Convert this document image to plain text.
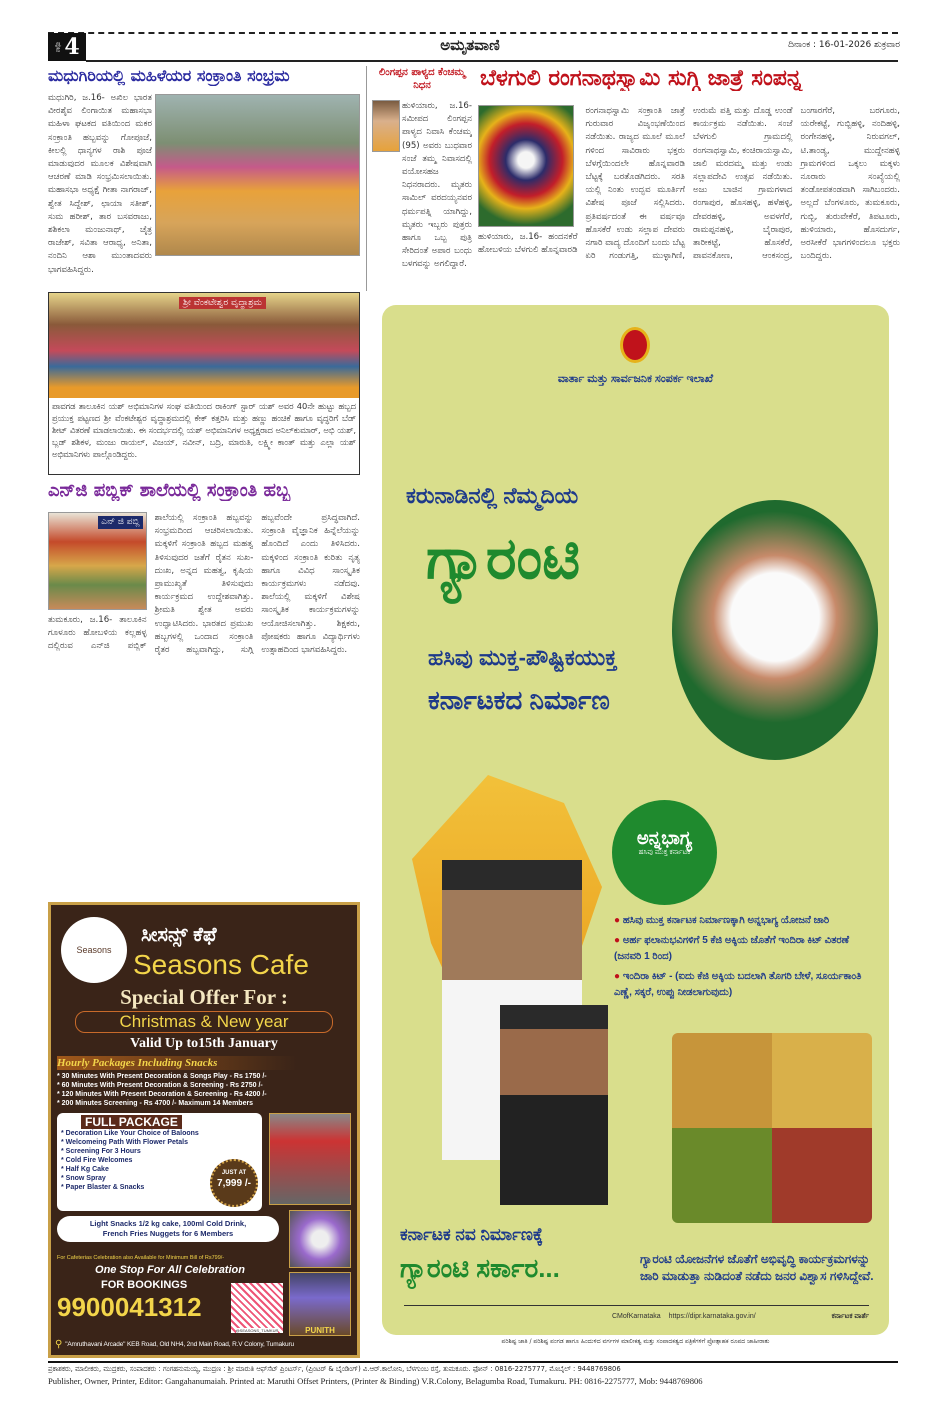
ಪುಟ 4	ಅಮೃತವಾಣಿ	ದಿನಾಂಕ : 16-01-2026 ಶುಕ್ರವಾರ
ಮಧುಗಿರಿಯಲ್ಲಿ ಮಹಿಳೆಯರ ಸಂಕ್ರಾಂತಿ ಸಂಭ್ರಮ
ಮಧುಗಿರಿ, ಜ.16- ಅಖಿಲ ಭಾರತ ವೀರಶೈವ ಲಿಂಗಾಯಿತ ಮಹಾಸಭಾ ಮಹಿಳಾ ಘಟಕದ ವತಿಯಿಂದ ಮಕರ ಸಂಕ್ರಾಂತಿ ಹಬ್ಬವನ್ನು ಗೋಪೂಜೆ, ಕೀಲಲ್ಲಿ ಧಾನ್ಯಗಳ ರಾಶಿ ಪೂಜೆ ಮಾಡುವುದರ ಮೂಲಕ ವಿಶೇಷವಾಗಿ ಆಚರಣೆ ಮಾಡಿ ಸಂಭ್ರಮಿಸಲಾಯಿತು. ಮಹಾಸಭಾ ಅಧ್ಯಕ್ಷೆ ಗೀತಾ ನಾಗರಾಜ್, ಶ್ವೇತ ಸಿದ್ದೇಶ್, ಛಾಯಾ ಸತೀಶ್, ಸುಮ ಹರೀಶ್, ತಾರ ಬಸವರಾಜು, ಶಶಿಕಲಾ ಮಂಜುನಾಥ್, ಚೈತ್ರ ರಾಜೇಶ್, ಸವಿತಾ ಆರಾಧ್ಯ, ಅನಿತಾ, ನಂದಿನಿ ಆಶಾ ಮುಂತಾದವರು ಭಾಗವಹಿಸಿದ್ದರು.
ಲಿಂಗಪ್ಪನ ಪಾಳ್ಯದ ಕೆಂಚಮ್ಮ ನಿಧನ
ಹುಳಿಯಾರು, ಜ.16- ಸಮೀಪದ ಲಿಂಗಪ್ಪನ ಪಾಳ್ಯದ ನಿವಾಸಿ ಕೆಂಚಮ್ಮ (95) ಅವರು ಬುಧವಾರ ಸಂಜೆ ತಮ್ಮ ನಿವಾಸದಲ್ಲಿ ವಯೋಸಹಜ ನಿಧನರಾದರು. ಮೃತರು ಸಾಮಿಲ್ ವರದಯ್ಯನವರ ಧರ್ಮಪತ್ನಿ ಯಾಗಿದ್ದು, ಮೃತರು ಇಬ್ಬರು ಪುತ್ರರು ಹಾಗೂ ಒಬ್ಬ ಪುತ್ರಿ ಸೇರಿದಂತೆ ಅಪಾರ ಬಂಧು ಬಳಗವನ್ನು ಅಗಲಿದ್ದಾರೆ.
ಬೆಳಗುಲಿ ರಂಗನಾಥಸ್ವಾಮಿ ಸುಗ್ಗಿ ಜಾತ್ರೆ ಸಂಪನ್ನ
ಹುಳಿಯಾರು, ಜ.16- ಹಂದನಕೆರೆ ಹೋಬಳಿಯ ಬೆಳಗುಲಿ ಹೊನ್ನವಾರಡಿ ರಂಗನಾಥಸ್ವಾಮಿ ಸಂಕ್ರಾಂತಿ ಜಾತ್ರೆ ಗುರುವಾರ ವಿಜೃಂಭಣೆಯಿಂದ ನಡೆಯಿತು. ರಾಜ್ಯದ ಮೂಲೆ ಮೂಲೆ ಗಳಿಂದ ಸಾವಿರಾರು ಭಕ್ತರು ಬೆಳಗ್ಗೆಯಿಂದಲೇ ಹೊನ್ನವಾರಡಿ ಬೆಟ್ಟಕ್ಕೆ ಬರತೊಡಗಿದರು. ಸರತಿ ಯಲ್ಲಿ ನಿಂತು ಉದ್ಭವ ಮೂರ್ತಿಗೆ ವಿಶೇಷ ಪೂಜೆ ಸಲ್ಲಿಸಿದರು. ಪ್ರತಿವರ್ಷದಂತೆ ಈ ವರ್ಷವೂ ಹೊಸಕೆರೆ ಉಡು ಸಲ್ಲಾಪ ದೇವರು ನಗಾರಿ ವಾದ್ಯ ದೊಂದಿಗೆ ಬಂದು ಬೆಟ್ಟ ಏರಿ ಗಂಡುಗತ್ತಿ, ಮುಳ್ಳಾಗಿಣಿ, ಉರುಮೆ ಪತ್ತಿ ಮತ್ತು ದೊಡ್ಡ ಉಂಡೆ ಕಾರ್ಯಕ್ರಮ ನಡೆಯಿತು. ಸಂಜೆ ಬೆಳಗುಲಿ ಗ್ರಾಮದಲ್ಲಿ ರಂಗನಾಥಸ್ವಾಮಿ, ಕಂಚಿರಾಯಸ್ವಾಮಿ, ಜಾಲಿ ಮರದಮ್ಮ ಮತ್ತು ಉಡು ಸಲ್ಲಾಪದೇವಿ ಉತ್ಸವ ನಡೆಯಿತು. ಅಜು ಬಾಜಿನ ಗ್ರಾಮಗಳಾದ ರಂಗಾಪುರ, ಹೊಸಹಳ್ಳಿ, ಹಳೆಹಳ್ಳಿ, ದೇವರಹಳ್ಳಿ, ಅವಳಗೆರೆ, ರಾಮಪ್ಪನಹಳ್ಳಿ, ಬೈರಾಪುರ, ತಾರೀಕಟ್ಟೆ, ಹೊಸಕೆರೆ, ಪಾವನಕೋಣ, ಆಂಕಸಂದ್ರ, ಬಂಗಾರಗೆರೆ, ಬರಗೂರು, ಯರೇಕಟ್ಟೆ, ಗುಬ್ಬಿಹಳ್ಳಿ, ನಂದಿಹಳ್ಳಿ, ರಂಗೇನಹಳ್ಳಿ, ನಿರುವಗಲ್, ಟಿ.ತಾಂಡ್ಯ, ಮುದ್ದೇನಹಳ್ಳಿ ಗ್ರಾಮಗಳಿಂದ ಒಕ್ಕಲು ಮಕ್ಕಳು ನೂರಾರು ಸಂಖ್ಯೆಯಲ್ಲಿ ತಂಡೋಪತಂಡವಾಗಿ ಸಾಗಿಬಂದರು. ಅಲ್ಲದೆ ಬೆಂಗಳೂರು, ತುಮಕೂರು, ಗುಬ್ಬಿ, ತುರುವೇಕೆರೆ, ತಿಪಟೂರು, ಹುಳಿಯಾರು, ಹೊಸದುರ್ಗ, ಅರಸೀಕೆರೆ ಭಾಗಗಳಿಂದಲೂ ಭಕ್ತರು ಬಂದಿದ್ದರು.
ಶ್ರೀ ವೆಂಕಟೇಶ್ವರ ವೃದ್ಧಾಶ್ರಮ
ಪಾವಗಡ ತಾಲೂಕಿನ ಯಶ್ ಅಭಿಮಾನಿಗಳ ಸಂಘ ವತಿಯಿಂದ ರಾಕಿಂಗ್ ಸ್ಟಾರ್ ಯಶ್ ಅವರ 40ನೇ ಹುಟ್ಟು ಹಬ್ಬದ ಪ್ರಯುಕ್ತ ಪಟ್ಟಣದ ಶ್ರೀ ವೆಂಕಟೇಶ್ವರ ವೃದ್ಧಾಶ್ರಮದಲ್ಲಿ ಕೇಕ್ ಕತ್ತರಿಸಿ ಮತ್ತು ಹಣ್ಣು ಹಂಚಿಕೆ ಹಾಗೂ ವೃದ್ಧರಿಗೆ ಬೆಡ್ ಶೀಟ್ ವಿತರಣೆ ಮಾಡಲಾಯಿತು. ಈ ಸಂದರ್ಭದಲ್ಲಿ ಯಶ್ ಅಭಿಮಾನಿಗಳ ಅಧ್ಯಕ್ಷರಾದ ಅನಿಲ್‌ಕುಮಾರ್, ಅಭಿ ಯಶ್, ಬ್ಲಡ್ ಶಶಿಕಳ, ಮಂಜು ರಾಯಲ್, ವಿಜಯ್, ನವೀನ್, ಬದ್ರಿ, ಮಾರುತಿ, ಲಕ್ಷ್ಮೀ ಕಾಂತ್ ಮತ್ತು ಎಲ್ಲಾ ಯಶ್ ಅಭಿಮಾನಿಗಳು ಪಾಲ್ಗೊಂಡಿದ್ದರು.
ಎನ್‌ಜಿ ಪಬ್ಲಿಕ್ ಶಾಲೆಯಲ್ಲಿ ಸಂಕ್ರಾಂತಿ ಹಬ್ಬ
ಎನ್ ಜಿ ಪಬ್ಲಿ
ತುಮಕೂರು, ಜ.16- ತಾಲೂಕಿನ ಗೂಳೂರು ಹೋಬಳಿಯ ಕಲ್ಲಹಳ್ಳ ದಲ್ಲಿರುವ ಎನ್‌ಜಿ ಪಬ್ಲಿಕ್ ಶಾಲೆಯಲ್ಲಿ ಸಂಕ್ರಾಂತಿ ಹಬ್ಬವನ್ನು ಸಂಭ್ರಮದಿಂದ ಆಚರಿಸಲಾಯಿತು. ಮಕ್ಕಳಿಗೆ ಸಂಕ್ರಾಂತಿ ಹಬ್ಬದ ಮಹತ್ವ ತಿಳಿಸುವುದರ ಜತೆಗೆ ರೈತನ ಸುಖ-ದುಃಖ, ಅನ್ನದ ಮಹತ್ವ, ಕೃಷಿಯ ಪ್ರಾಮುಖ್ಯತೆ ತಿಳಿಸುವುದು ಕಾರ್ಯಕ್ರಮದ ಉದ್ದೇಶವಾಗಿತ್ತು. ಶ್ರೀಮತಿ ಶ್ವೇತ ಅವರು ಉದ್ಘಾಟಿಸಿದರು. ಭಾರತದ ಪ್ರಮುಖ ಹಬ್ಬಗಳಲ್ಲಿ ಒಂದಾದ ಸಂಕ್ರಾಂತಿ ರೈತರ ಹಬ್ಬವಾಗಿದ್ದು, ಸುಗ್ಗಿ ಹಬ್ಬವೆಂದೇ ಪ್ರಸಿದ್ಧವಾಗಿದೆ. ಸಂಕ್ರಾಂತಿ ವೈಜ್ಞಾನಿಕ ಹಿನ್ನೆಲೆಯನ್ನು ಹೊಂದಿದೆ ಎಂದು ತಿಳಿಸಿದರು. ಮಕ್ಕಳಿಂದ ಸಂಕ್ರಾಂತಿ ಕುರಿತು ನೃತ್ಯ ಹಾಗೂ ವಿವಿಧ ಸಾಂಸ್ಕೃತಿಕ ಕಾರ್ಯಕ್ರಮಗಳು ನಡೆದವು. ಶಾಲೆಯಲ್ಲಿ ಮಕ್ಕಳಿಗೆ ವಿಶೇಷ ಸಾಂಸ್ಕೃತಿಕ ಕಾರ್ಯಕ್ರಮಗಳನ್ನು ಆಯೋಜಿಸಲಾಗಿತ್ತು. ಶಿಕ್ಷಕರು, ಪೋಷಕರು ಹಾಗೂ ವಿದ್ಯಾರ್ಥಿಗಳು ಉತ್ಸಾಹದಿಂದ ಭಾಗವಹಿಸಿದ್ದರು.
Seasons
ಸೀಸನ್ಸ್ ಕೆಫೆ
Seasons Cafe
Special Offer For :
Christmas & New year
Valid Up to15th January
Hourly Packages Including Snacks
* 30 Minutes With Present Decoration & Songs Play - Rs 1750 /-
* 60 Minutes With Present Decoration & Screening - Rs 2750 /-
* 120 Minutes With Present Decoration & Screening - Rs 4200 /-
* 200 Minutes Screening - Rs 4700 /- Maximum 14 Members
FULL PACKAGE
* Decoration Like Your Choice of Baloons
* Welcomeing Path With Flower Petals
* Screening For 3 Hours
* Cold Fire Welcomes
* Half Kg Cake
* Snow Spray
* Paper Blaster & Snacks
JUST AT
7,999 /-
Light Snacks 1/2 kg cake, 100ml Cold Drink, French Fries Nuggets for 6 Members
For Cafeterias Celebration also Available for Minimum Bill of Rs799/-
One Stop For All Celebration
FOR BOOKINGS
9900041312
@SEASONS_TUMKUR	PUNITH
⚲ "Amruthavani Arcade" KEB Road, Old NH4, 2nd Main Road, R.V Colony, Tumakuru
ವಾರ್ತಾ ಮತ್ತು ಸಾರ್ವಜನಿಕ ಸಂಪರ್ಕ ಇಲಾಖೆ
ಕರುನಾಡಿನಲ್ಲಿ ನೆಮ್ಮದಿಯ
ಗ್ಯಾರಂಟಿ
ಹಸಿವು ಮುಕ್ತ-ಪೌಷ್ಟಿಕಯುಕ್ತ
ಕರ್ನಾಟಕದ ನಿರ್ಮಾಣ
ಅನ್ನಭಾಗ್ಯ
ಹಸಿವು ಮುಕ್ತ ಕರ್ನಾಟಕ
● ಹಸಿವು ಮುಕ್ತ ಕರ್ನಾಟಕ ನಿರ್ಮಾಣಕ್ಕಾಗಿ ಅನ್ನಭಾಗ್ಯ ಯೋಜನೆ ಜಾರಿ
● ಅರ್ಹ ಫಲಾನುಭವಿಗಳಿಗೆ 5 ಕೆಜಿ ಅಕ್ಕಿಯ ಜೊತೆಗೆ ಇಂದಿರಾ ಕಿಟ್ ವಿತರಣೆ (ಜನವರಿ 1 ರಿಂದ)
● ಇಂದಿರಾ ಕಿಟ್ - (ಐದು ಕೆಜಿ ಅಕ್ಕಿಯ ಬದಲಾಗಿ ತೊಗರಿ ಬೇಳೆ, ಸೂರ್ಯಕಾಂತಿ ಎಣ್ಣೆ, ಸಕ್ಕರೆ, ಉಪ್ಪು ನೀಡಲಾಗುವುದು)
ಕರ್ನಾಟಕ ನವ ನಿರ್ಮಾಣಕ್ಕೆ
ಗ್ಯಾರಂಟಿ ಸರ್ಕಾರ...	ಗ್ಯಾರಂಟಿ ಯೋಜನೆಗಳ ಜೊತೆಗೆ ಅಭಿವೃದ್ಧಿ ಕಾರ್ಯಕ್ರಮಗಳನ್ನು ಜಾರಿ ಮಾಡುತ್ತಾ ನುಡಿದಂತೆ ನಡೆದು ಜನರ ವಿಶ್ವಾಸ ಗಳಿಸಿದ್ದೇವೆ.
CMofKarnataka https://dipr.karnataka.gov.in/	ಕರ್ನಾಟಕ ವಾರ್ತೆ
ಪರಿಶಿಷ್ಟ ಜಾತಿ / ಪರಿಶಿಷ್ಟ ಪಂಗಡ ಹಾಗೂ ಹಿಂದುಳಿದ ವರ್ಗಗಳ ಮಾಲೀಕತ್ವ ಮತ್ತು ಸಂಪಾದಕತ್ವದ ಪತ್ರಿಕೆಗಳಿಗೆ ಪ್ರೋತ್ಸಾಹಕ ರೂಪದ ಜಾಹೀರಾತು
ಪ್ರಕಾಶಕರು, ಮಾಲೀಕರು, ಮುದ್ರಕರು, ಸಂಪಾದಕರು : ಗಂಗಹನುಮಯ್ಯ, ಮುದ್ರಣ : ಶ್ರೀ ಮಾರುತಿ ಆಫ್‌ಸೆಟ್ ಪ್ರಿಂಟರ್ಸ್, (ಪ್ರಿಂಟರ್ & ಬೈಂಡಿಂಗ್) ವಿ.ಆರ್.ಕಾಲೋನಿ, ಬೆಳಗುಂಬ ರಸ್ತೆ, ತುಮಕೂರು. ಫೋನ್ : 0816-2275777, ಮೊಬೈಲ್ : 9448769806
Publisher, Owner, Printer, Editor: Gangahanumaiah. Printed at: Maruthi Offset Printers, (Printer & Binding) V.R.Colony, Belagumba Road, Tumakuru. PH: 0816-2275777, Mob: 9448769806
